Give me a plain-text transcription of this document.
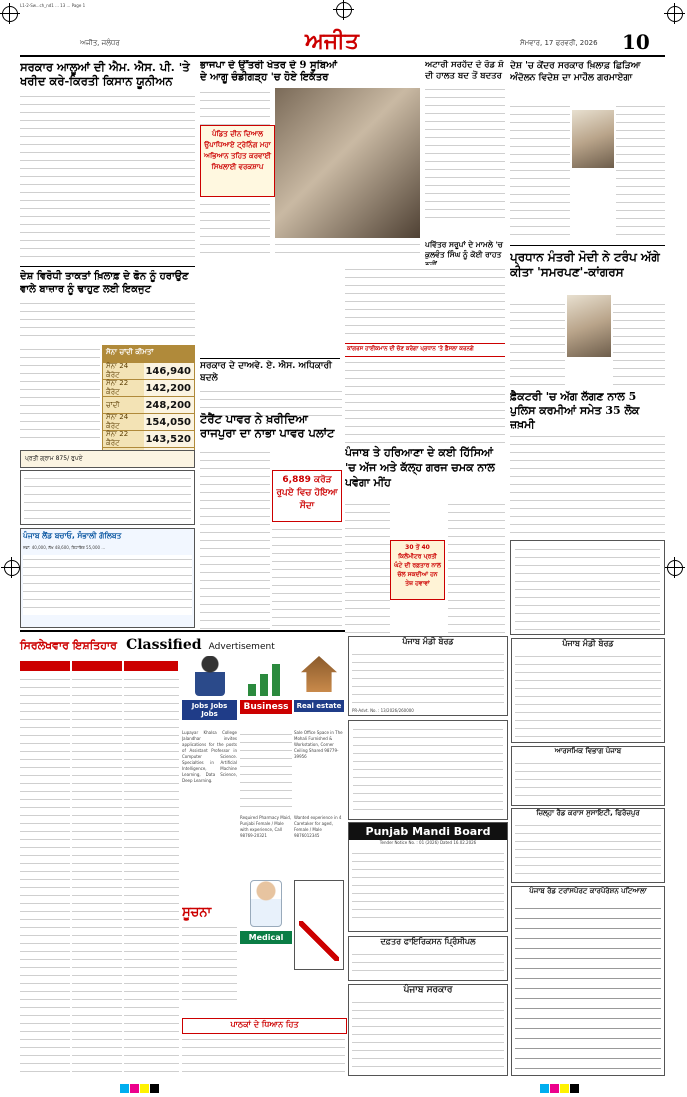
L1-2-Sw...ch_nd1 ... 13 ... Page 1
ਅਜੀਤ, ਜਲੰਧਰ	ਅਜੀਤ	ਸੋਮਵਾਰ, 17 ਫਰਵਰੀ, 2026 10
ਸਰਕਾਰ ਆਲੂਆਂ ਦੀ ਐਮ. ਐਸ. ਪੀ. 'ਤੇ ਖਰੀਦ ਕਰੇ-ਕਿਰਤੀ ਕਿਸਾਨ ਯੂਨੀਅਨ
ਦੇਸ਼ ਵਿਰੋਧੀ ਤਾਕਤਾਂ ਖ਼ਿਲਾਫ਼ ਦੇ ਫੋਨ ਨੂੰ ਹਰਾਉਣ ਵਾਲੇ ਬਾਜ਼ਾਰ ਨੂੰ ਢਾਹੁਣ ਲਈ ਇਕਜੁਟ
ਸੋਨਾ ਚਾਂਦੀ ਕੀਮਤਾਂ
ਸੋਨਾ 24 ਕੈਰੇਟ	146,940
ਸੋਨਾ 22 ਕੈਰੇਟ	142,200
ਚਾਂਦੀ	248,200
ਸੋਨਾ 24 ਕੈਰੇਟ	154,050
ਸੋਨਾ 22 ਕੈਰੇਟ	143,520
ਪ੍ਰਤੀ ਗ੍ਰਾਮ 875/ ਰੁਪਏ
ਪੰਜਾਬ ਲੈਂਡ ਬਚਾਓ, ਸੰਭਾਲੀ ਗੱਲਿਬਤ
ਨਵਾਂ: 40,000, ਲੱਖ 48,600, ਰਿਟਾਇਰ 55,000 ...
ਭਾਜਪਾ ਦੇ ਉੱਤਰੀ ਖੇਤਰ ਦੇ 9 ਸੂਬਿਆਂ ਦੇ ਆਗੂ ਚੰਡੀਗੜ੍ਹ 'ਚ ਹੋਏ ਇਕੱਤਰ
ਪੰਡਿਤ ਦੀਨ ਦਿਆਲ ਉਪਾਧਿਆਏ ਟ੍ਰੇਨਿੰਗ ਮਹਾ ਅਭਿਆਨ ਤਹਿਤ ਕਰਵਾਈ ਸਿਖਲਾਈ ਵਰਕਸ਼ਾਪ
ਸਰਕਾਰ ਦੇ ਦਾਅਵੇ. ਏ. ਐਸ. ਅਧਿਕਾਰੀ ਬਦਲੇ
ਟੋਰੈਂਟ ਪਾਵਰ ਨੇ ਖ਼ਰੀਦਿਆ ਰਾਜਪੁਰਾ ਦਾ ਨਾਭਾ ਪਾਵਰ ਪਲਾਂਟ
6,889 ਕਰੋੜ ਰੁਪਏ ਵਿਚ ਹੋਇਆ ਸੌਦਾ
ਅਟਾਰੀ ਸਰਹੱਦ ਦੇ ਰੋਡ ਸ਼ੋ ਦੀ ਹਾਲਤ ਬਦ ਤੋਂ ਬਦਤਰ
ਪਵਿੱਤਰ ਸਰੂਪਾਂ ਦੇ ਮਾਮਲੇ 'ਚ ਕੁਲਵੰਤ ਸਿੰਘ ਨੂੰ ਕੋਈ ਰਾਹਤ
ਕਾਂਗਰਸ ਹਾਈਕਮਾਨ ਦੀ ਚੋਣ ਕਰੇਗਾ ਪ੍ਰਧਾਨ 'ਤੇ ਫ਼ੈਸਲਾ ਕਰਨਗੇ
ਪੰਜਾਬ ਤੇ ਹਰਿਆਣਾ ਦੇ ਕਈ ਹਿੱਸਿਆਂ 'ਚ ਅੱਜ ਅਤੇ ਕੱਲ੍ਹ ਗਰਜ ਚਮਕ ਨਾਲ ਪਵੇਗਾ ਮੀਂਹ
30 ਤੋਂ 40 ਕਿਲੋਮੀਟਰ ਪ੍ਰਤੀ ਘੰਟੇ ਦੀ ਰਫ਼ਤਾਰ ਨਾਲ ਚੱਲ ਸਕਦੀਆਂ ਹਨ ਤੇਜ਼ ਹਵਾਵਾਂ
ਦੇਸ਼ 'ਚ ਕੇਂਦਰ ਸਰਕਾਰ ਖ਼ਿਲਾਫ਼ ਛਿੜਿਆ ਅੰਦੋਲਨ ਵਿਦੇਸ਼ ਦਾ ਮਾਹੌਲ ਗਰਮਾਏਗਾ
ਪ੍ਰਧਾਨ ਮੰਤਰੀ ਮੋਦੀ ਨੇ ਟਰੰਪ ਅੱਗੇ ਕੀਤਾ 'ਸਮਰਪਣ'-ਕਾਂਗਰਸ
ਫ਼ੈਕਟਰੀ 'ਚ ਅੱਗ ਲੱਗਣ ਨਾਲ 5 ਪੁਲਿਸ ਕਰਮੀਆਂ ਸਮੇਤ 35 ਲੋਕ ਜ਼ਖ਼ਮੀ
ਸਿਰਲੇਖਵਾਰ ਇਸ਼ਤਿਹਾਰ Classified Advertisement
Jobs Jobs Jobs
Business	Real estate
Lupayar Khalsa College Jalandhar invites applications for the posts of Assistant Professor in Computer Science. Specialties in Artificial Intelligence, Machine Learning, Data Science, Deep Learning.
Sale Office Space in The Mohali Furnished & Workstation, Corner Ceiling Shared 98779-39956
Required Pharmacy Maid, Punjabi Female / Male with experience, Call 98769-20321
Wanted experience in 4 Caretaker for aged, Female / Male 9876012345
Medical
ਸੂਚਨਾ
ਪਾਠਕਾਂ ਦੇ ਧਿਆਨ ਹਿਤ
ਪੰਜਾਬ ਮੰਡੀ ਬੋਰਡ
PR-Advt. No. : 13/2026/260000
Punjab Mandi Board
Tender Notice No. : 01 (2026) Dated 16.02.2026
ਦਫ਼ਤਰ ਫਾਇਰਿਕਸਨ ਪ੍ਰਿੰਸੀਪਲ
ਪੰਜਾਬ ਸਰਕਾਰ
ਪੰਜਾਬ ਮੰਡੀ ਬੋਰਡ
ਆਰਸਮਿਕ ਵਿਭਾਗ ਪੰਜਾਬ
ਜ਼ਿਲ੍ਹਾ ਰੈਡ ਕਰਾਸ ਸੁਸਾਇਟੀ, ਫਿਰੋਜ਼ਪੁਰ
ਪੰਜਾਬ ਰੋਡ ਟਰਾਂਸਪੋਰਟ ਕਾਰਪੋਰੇਸ਼ਨ ਪਟਿਆਲਾ
